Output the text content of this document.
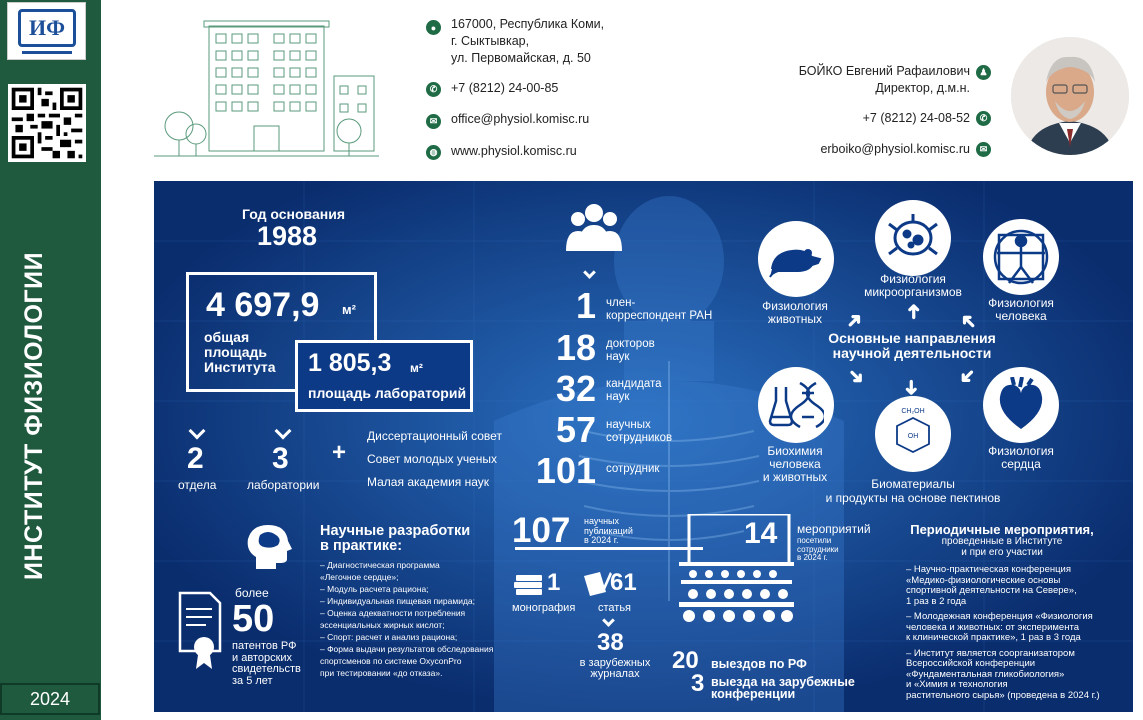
ИФ
ИНСТИТУТ ФИЗИОЛОГИИ
2024
●	167000, Республика Коми,
г. Сыктывкар,
ул. Первомайская, д. 50
✆ +7 (8212) 24-00-85
✉ office@physiol.komisc.ru
◍ www.physiol.komisc.ru
БОЙКО Евгений Рафаилович
Директор, д.м.н.
♟
+7 (8212) 24-08-52	✆
erboiko@physiol.komisc.ru	✉
Год основания
1988
4 697,9 м²
общая
площадь
Института 1 805,3 м²
площадь лабораторий
2
отдела
3
лаборатории
+
Диссертационный совет
Совет молодых ученых
Малая академия наук
Научные разработки
в практике:
– Диагностическая программа
«Легочное сердце»;
– Модуль расчета рациона;
– Индивидуальная пищевая пирамида;
– Оценка адекватности потребления
эссенциальных жирных кислот;
– Спорт: расчет и анализ рациона;
– Форма выдачи результатов обследования
спортсменов по системе OxyconPro
при тестировании «до отказа».
более
50
патентов РФ
и авторских
свидетельств
за 5 лет
1 член-
корреспондент РАН
18 докторов
наук
32 кандидата
наук
57 научных
сотрудников
101 сотрудник
Физиология
животных
Физиология
микроорганизмов
Физиология
человека
➜ ➜ ➜
Основные направления
научной деятельности
➜ ➜ ➜
Биохимия
человека
и животных
CH₂OH
OH
Биоматериалы
и продукты на основе пектинов
Физиология
сердца
107 научных
публикаций
в 2024 г.
1
монография
61
статья
38
в зарубежных
журналах
14 мероприятий
посетили
сотрудники
в 2024 г.
20 выездов по РФ
3 выезда на зарубежные
конференции
Периодичные мероприятия,
проведенные в Институте
и при его участии
– Научно-практическая конференция
«Медико-физиологические основы
спортивной деятельности на Севере»,
1 раз в 2 года
– Молодежная конференция «Физиология
человека и животных: от эксперимента
к клинической практике», 1 раз в 3 года
– Институт является соорганизатором
Всероссийской конференции
«Фундаментальная гликобиология»
и «Химия и технология
растительного сырья» (проведена в 2024 г.)
